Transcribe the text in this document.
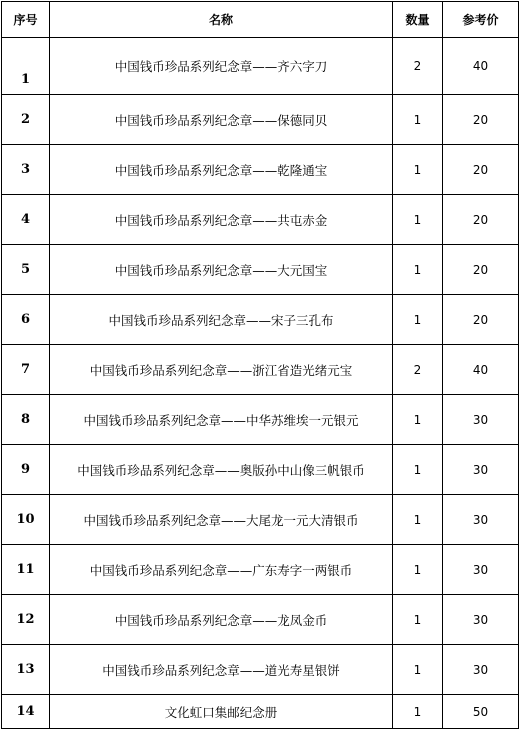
序号	名称	数量	参考价
1	中国钱币珍品系列纪念章——齐六字刀	2	40
2	中国钱币珍品系列纪念章——保德同贝	1	20
3	中国钱币珍品系列纪念章——乾隆通宝	1	20
4	中国钱币珍品系列纪念章——共屯赤金	1	20
5	中国钱币珍品系列纪念章——大元国宝	1	20
6	中国钱币珍品系列纪念章——宋子三孔布	1	20
7	中国钱币珍品系列纪念章——浙江省造光绪元宝	2	40
8	中国钱币珍品系列纪念章——中华苏维埃一元银元	1	30
9	中国钱币珍品系列纪念章——奥版孙中山像三帆银币	1	30
10	中国钱币珍品系列纪念章——大尾龙一元大清银币	1	30
11	中国钱币珍品系列纪念章——广东寿字一两银币	1	30
12	中国钱币珍品系列纪念章——龙凤金币	1	30
13	中国钱币珍品系列纪念章——道光寿星银饼	1	30
14	文化虹口集邮纪念册	1	50
